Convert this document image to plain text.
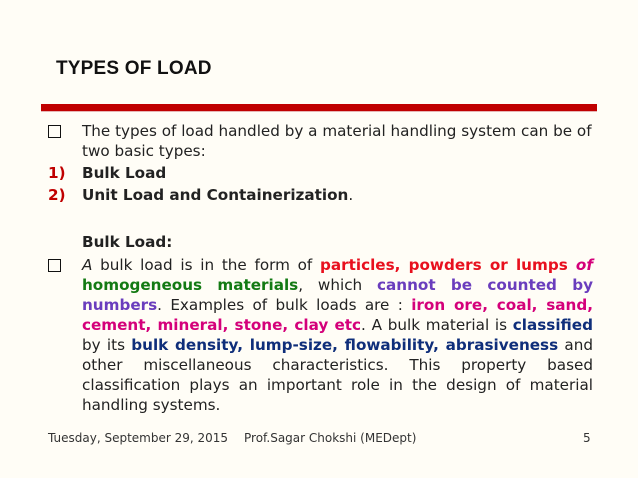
TYPES OF LOAD
The types of load handled by a material handling system can be of two basic types:
1) Bulk Load
2) Unit Load and Containerization.
Bulk Load:
A bulk load is in the form of particles, powders or lumps of homogeneous materials, which cannot be counted by numbers. Examples of bulk loads are : iron ore, coal, sand, cement, mineral, stone, clay etc. A bulk material is classified by its bulk density, lump-size, flowability, abrasiveness and other miscellaneous characteristics. This property based classification plays an important role in the design of material handling systems.
Tuesday, September 29, 2015 Prof.Sagar Chokshi (MEDept)	5
